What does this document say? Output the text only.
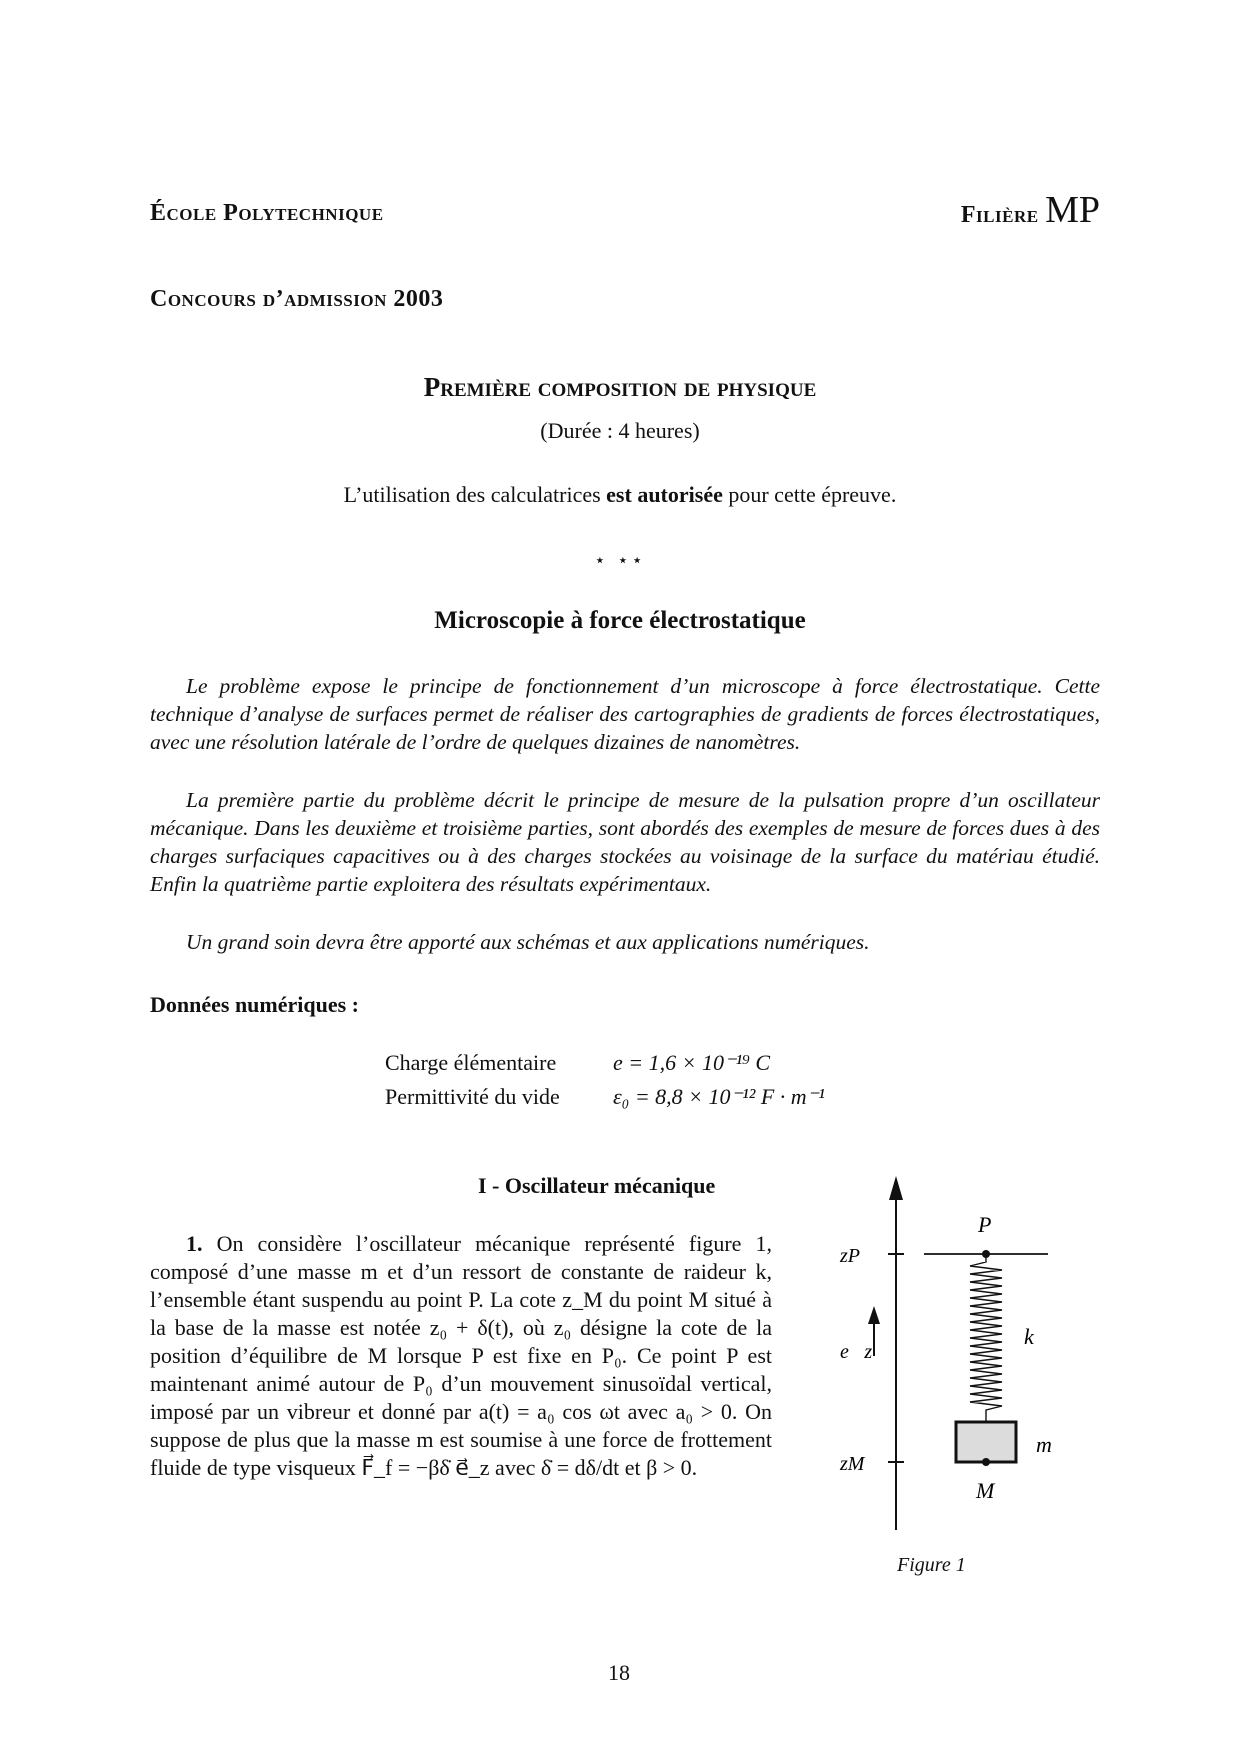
École Polytechnique	Filière MP
Concours d’admission 2003
Première composition de physique
(Durée : 4 heures)
L’utilisation des calculatrices est autorisée pour cette épreuve.
⋆ ⋆⋆
Microscopie à force électrostatique

Le problème expose le principe de fonctionnement d’un microscope à force électrostatique. Cette technique d’analyse de surfaces permet de réaliser des cartographies de gradients de forces électrostatiques, avec une résolution latérale de l’ordre de quelques dizaines de nanomètres.

La première partie du problème décrit le principe de mesure de la pulsation propre d’un oscillateur mécanique. Dans les deuxième et troisième parties, sont abordés des exemples de mesure de forces dues à des charges surfaciques capacitives ou à des charges stockées au voisinage de la surface du matériau étudié. Enfin la quatrième partie exploitera des résultats expérimentaux.

Un grand soin devra être apporté aux schémas et aux applications numériques.

Données numériques :
Charge élémentaire	e = 1,6 × 10⁻¹⁹ C
Permittivité du vide	ε₀ = 8,8 × 10⁻¹² F · m⁻¹
I - Oscillateur mécanique

1. On considère l’oscillateur mécanique représenté figure 1, composé d’une masse m et d’un ressort de constante de raideur k, l’ensemble étant suspendu au point P. La cote z_M du point M situé à la base de la masse est notée z₀ + δ(t), où z₀ désigne la cote de la position d’équilibre de M lorsque P est fixe en P₀. Ce point P est maintenant animé autour de P₀ d’un mouvement sinusoïdal vertical, imposé par un vibreur et donné par a(t) = a₀ cos ωt avec a₀ > 0. On suppose de plus que la masse m est soumise à une force de frottement fluide de type visqueux F⃗_f = −βδ̇ e⃗_z avec δ̇ = dδ/dt et β > 0.

P
zP
k
e⃗z
m
zM
M
Figure 1
18
